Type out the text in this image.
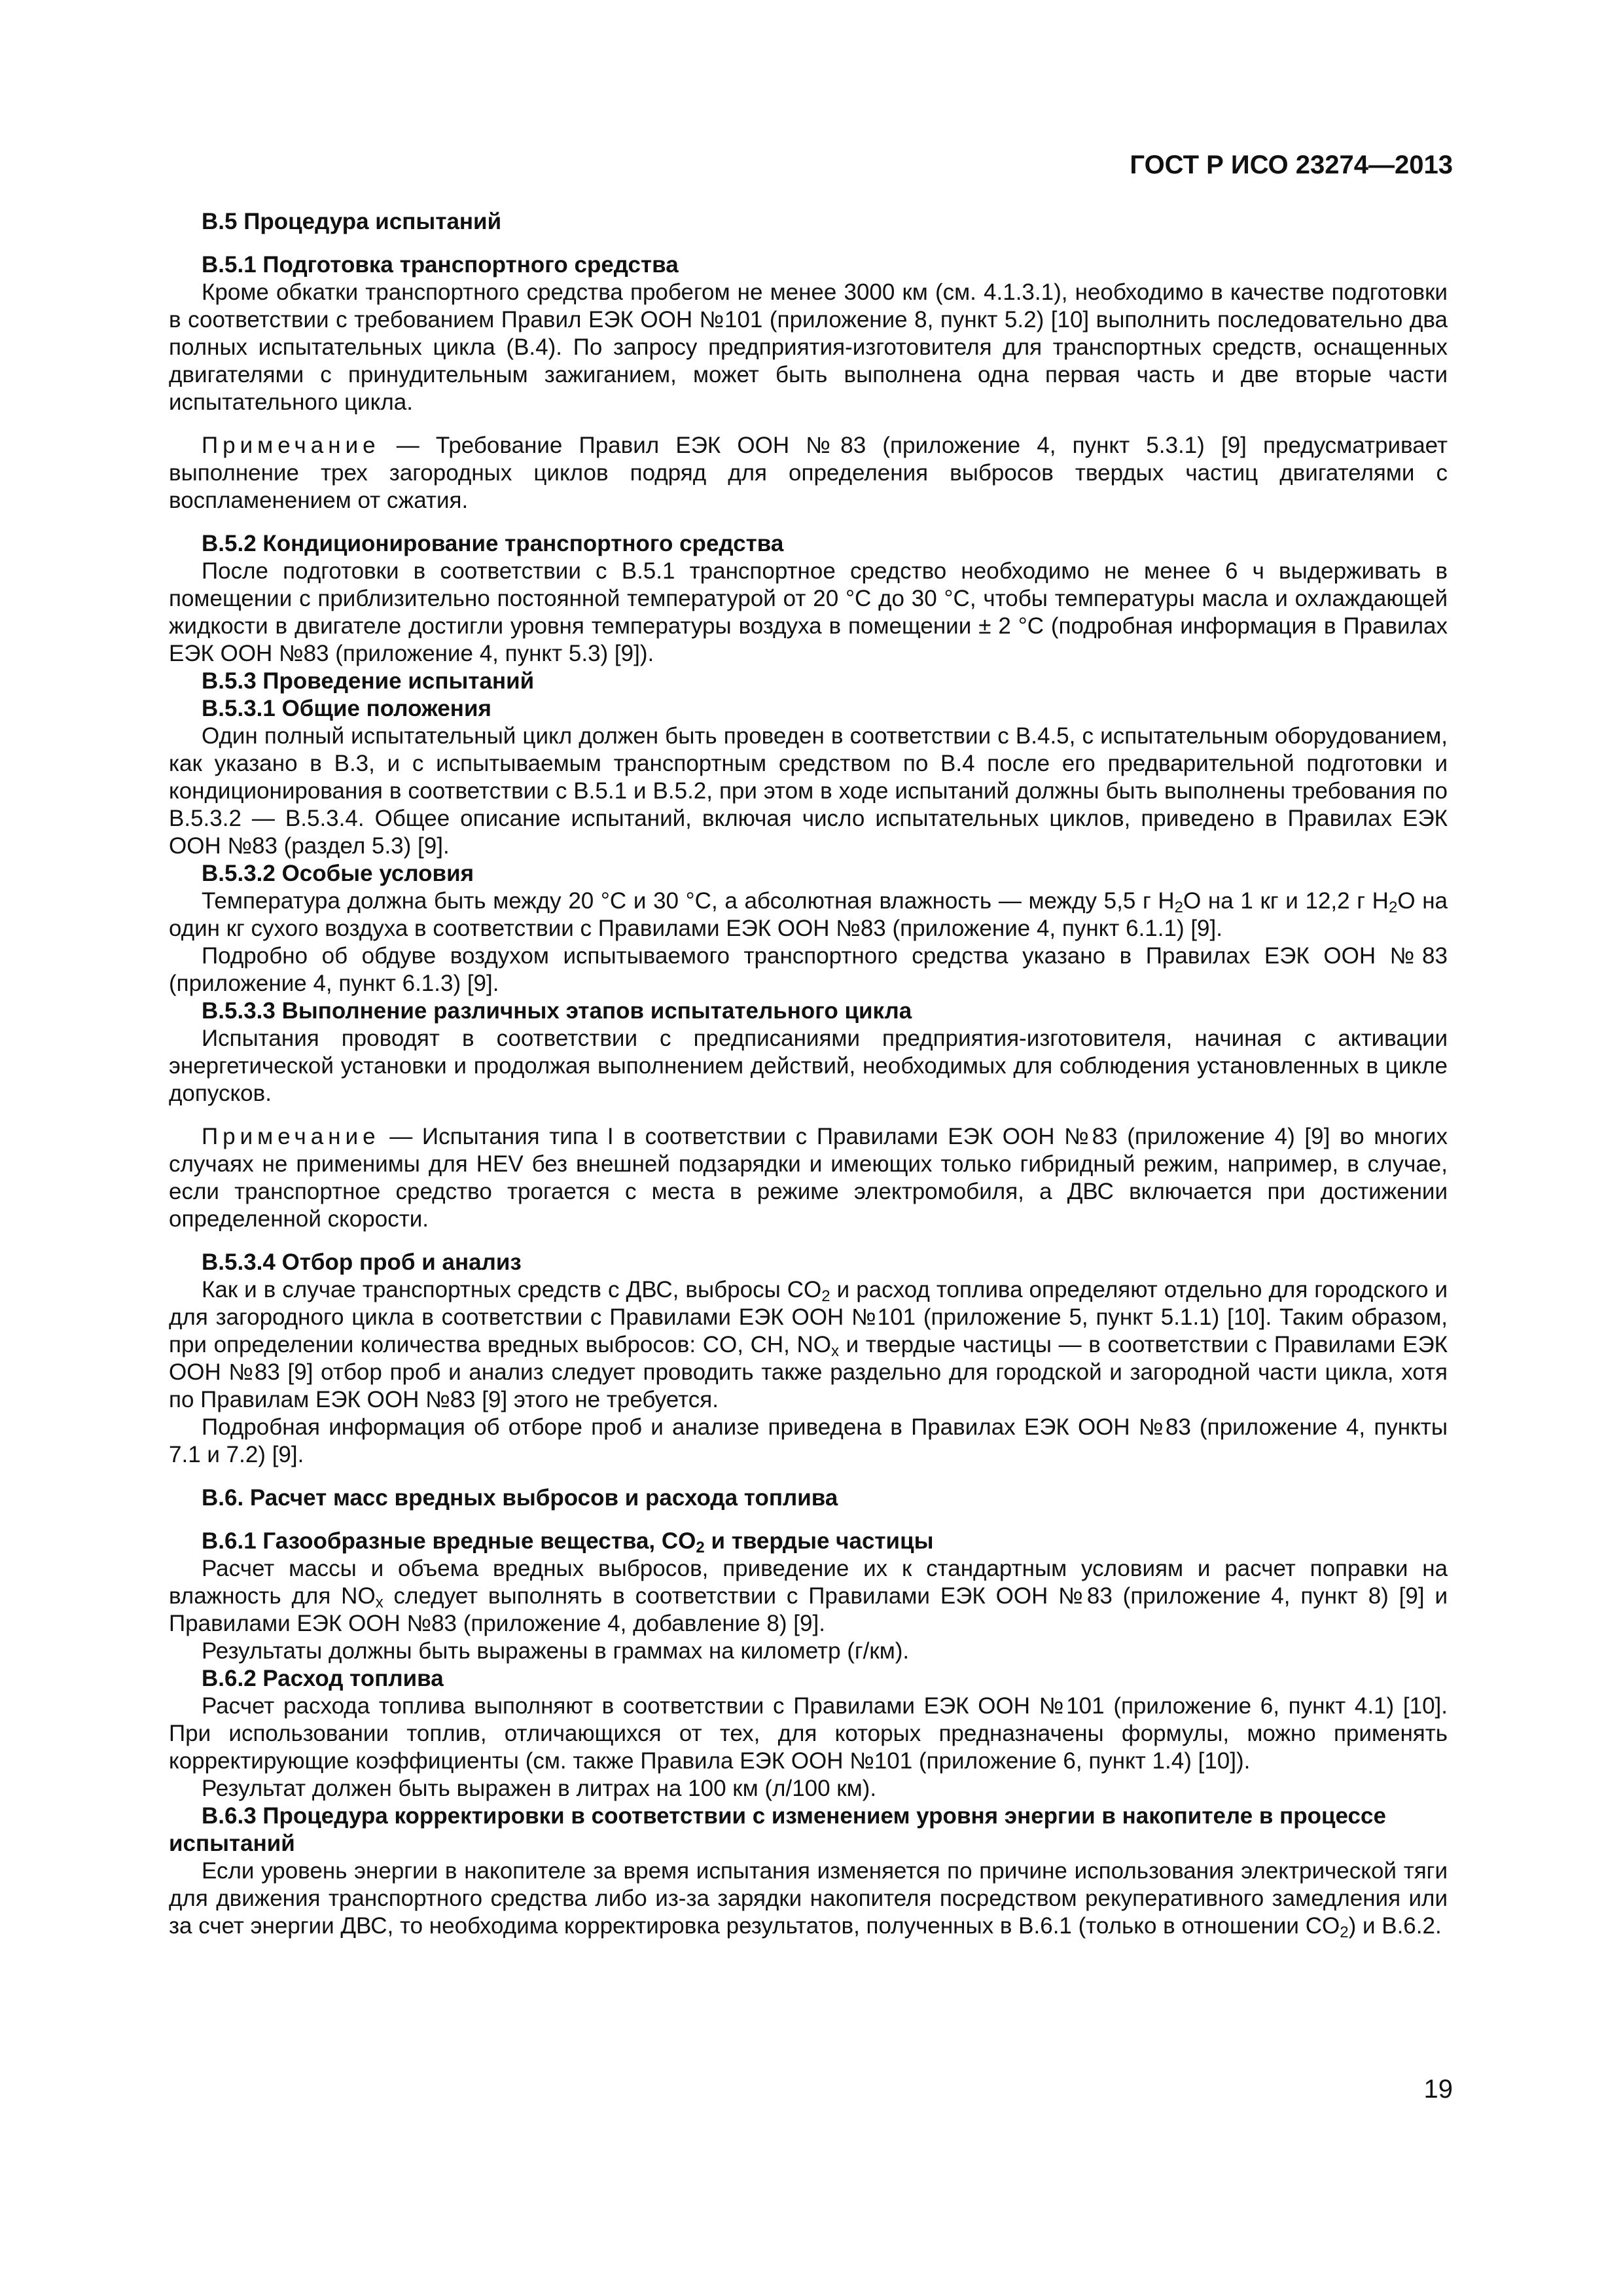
ГОСТ Р ИСО 23274—2013
В.5 Процедура испытаний
В.5.1 Подготовка транспортного средства

Кроме обкатки транспортного средства пробегом не менее 3000 км (см. 4.1.3.1), необходимо в качестве подготовки в соответствии с требованием Правил ЕЭК ООН №101 (приложение 8, пункт 5.2) [10] выполнить последовательно два полных испытательных цикла (В.4). По запросу предприятия-изготовителя для транспортных средств, оснащенных двигателями с принудительным зажиганием, может быть выполнена одна первая часть и две вторые части испытательного цикла.

Примечание — Требование Правил ЕЭК ООН №83 (приложение 4, пункт 5.3.1) [9] предусматривает выполнение трех загородных циклов подряд для определения выбросов твердых частиц двигателями с воспламенением от сжатия.

В.5.2 Кондиционирование транспортного средства

После подготовки в соответствии с В.5.1 транспортное средство необходимо не менее 6 ч выдерживать в помещении с приблизительно постоянной температурой от 20 °С до 30 °С, чтобы температуры масла и охлаждающей жидкости в двигателе достигли уровня температуры воздуха в помещении ± 2 °С (подробная информация в Правилах ЕЭК ООН №83 (приложение 4, пункт 5.3) [9]).

В.5.3 Проведение испытаний
В.5.3.1 Общие положения

Один полный испытательный цикл должен быть проведен в соответствии с В.4.5, с испытательным оборудованием, как указано в В.3, и с испытываемым транспортным средством по В.4 после его предварительной подготовки и кондиционирования в соответствии с В.5.1 и В.5.2, при этом в ходе испытаний должны быть выполнены требования по В.5.3.2 — В.5.3.4. Общее описание испытаний, включая число испытательных циклов, приведено в Правилах ЕЭК ООН №83 (раздел 5.3) [9].

В.5.3.2 Особые условия

Температура должна быть между 20 °С и 30 °С, а абсолютная влажность — между 5,5 г $H_2O$ на 1 кг и 12,2 г $H_2O$ на один кг сухого воздуха в соответствии с Правилами ЕЭК ООН №83 (приложение 4, пункт 6.1.1) [9].

Подробно об обдуве воздухом испытываемого транспортного средства указано в Правилах ЕЭК ООН №83 (приложение 4, пункт 6.1.3) [9].

В.5.3.3 Выполнение различных этапов испытательного цикла

Испытания проводят в соответствии с предписаниями предприятия-изготовителя, начиная с активации энергетической установки и продолжая выполнением действий, необходимых для соблюдения установленных в цикле допусков.

Примечание — Испытания типа I в соответствии с Правилами ЕЭК ООН №83 (приложение 4) [9] во многих случаях не применимы для HEV без внешней подзарядки и имеющих только гибридный режим, например, в случае, если транспортное средство трогается с места в режиме электромобиля, а ДВС включается при достижении определенной скорости.

В.5.3.4 Отбор проб и анализ

Как и в случае транспортных средств с ДВС, выбросы $CO_2$ и расход топлива определяют отдельно для городского и для загородного цикла в соответствии с Правилами ЕЭК ООН №101 (приложение 5, пункт 5.1.1) [10]. Таким образом, при определении количества вредных выбросов: CO, CH, $NO_x$ и твердые частицы — в соответствии с Правилами ЕЭК ООН №83 [9] отбор проб и анализ следует проводить также раздельно для городской и загородной части цикла, хотя по Правилам ЕЭК ООН №83 [9] этого не требуется.

Подробная информация об отборе проб и анализе приведена в Правилах ЕЭК ООН №83 (приложение 4, пункты 7.1 и 7.2) [9].

В.6. Расчет масс вредных выбросов и расхода топлива
В.6.1 Газообразные вредные вещества, $CO_2$ и твердые частицы

Расчет массы и объема вредных выбросов, приведение их к стандартным условиям и расчет поправки на влажность для $NO_x$ следует выполнять в соответствии с Правилами ЕЭК ООН №83 (приложение 4, пункт 8) [9] и Правилами ЕЭК ООН №83 (приложение 4, добавление 8) [9].

Результаты должны быть выражены в граммах на километр (г/км).

В.6.2 Расход топлива

Расчет расхода топлива выполняют в соответствии с Правилами ЕЭК ООН №101 (приложение 6, пункт 4.1) [10]. При использовании топлив, отличающихся от тех, для которых предназначены формулы, можно применять корректирующие коэффициенты (см. также Правила ЕЭК ООН №101 (приложение 6, пункт 1.4) [10]).

Результат должен быть выражен в литрах на 100 км (л/100 км).

В.6.3 Процедура корректировки в соответствии с изменением уровня энергии в накопителе в процессе испытаний

Если уровень энергии в накопителе за время испытания изменяется по причине использования электрической тяги для движения транспортного средства либо из-за зарядки накопителя посредством рекуперативного замедления или за счет энергии ДВС, то необходима корректировка результатов, полученных в В.6.1 (только в отношении $CO_2$) и В.6.2.

19
